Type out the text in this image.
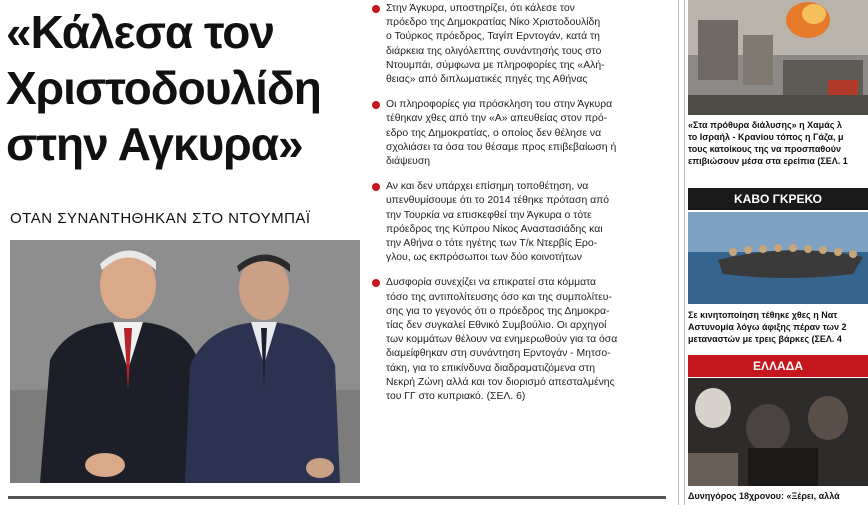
«Κάλεσα τον
Χριστοδουλίδη
στην Αγκυρα»
ΟΤΑΝ ΣΥΝΑΝΤΗΘΗΚΑΝ ΣΤΟ ΝΤΟΥΜΠΑΪ
Στην Άγκυρα, υποστηρίζει, ότι κάλεσε τον
πρόεδρο της Δημοκρατίας Νίκο Χριστοδουλίδη
ο Τούρκος πρόεδρος, Ταγίπ Ερντογάν, κατά τη
διάρκεια της ολιγόλεπτης συνάντησής τους στο
Ντουμπάι, σύμφωνα με πληροφορίες της «Αλή-
θειας» από διπλωματικές πηγές της Αθήνας
Οι πληροφορίες για πρόσκληση του στην Άγκυρα
τέθηκαν χθες από την «Α» απευθείας στον πρό-
εδρο της Δημοκρατίας, ο οποίος δεν θέλησε να
σχολιάσει τα όσα του θέσαμε προς επιβεβαίωση ή
διάψευση
Αν και δεν υπάρχει επίσημη τοποθέτηση, να
υπενθυμίσουμε ότι το 2014 τέθηκε πρόταση από
την Τουρκία να επισκεφθεί την Άγκυρα ο τότε
πρόεδρος της Κύπρου Νίκος Αναστασιάδης και
την Αθήνα ο τότε ηγέτης των Τ/κ Ντερβίς Ερο-
γλου, ως εκπρόσωποι των δύο κοινοτήτων
Δυσφορία συνεχίζει να επικρατεί στα κόμματα
τόσο της αντιπολίτευσης όσο και της συμπολίτευ-
σης για το γεγονός ότι ο πρόεδρος της Δημοκρα-
τίας δεν συγκαλεί Εθνικό Συμβούλιο. Οι αρχηγοί
των κομμάτων θέλουν να ενημερωθούν για τα όσα
διαμείφθηκαν στη συνάντηση Ερντογάν - Μητσο-
τάκη, για το επικίνδυνα διαδραματιζόμενα στη
Νεκρή Ζώνη αλλά και τον διορισμό απεσταλμένης
του ΓΓ στο κυπριακό. (ΣΕΛ. 6)
«Στα πρόθυρα διάλυσης» η Χαμάς λ
το Ισραήλ - Κρανίου τόπος η Γάζα, μ
τους κατοίκους της να προσπαθούν
επιβιώσουν μέσα στα ερείπια (ΣΕΛ. 1
ΚΑΒΟ ΓΚΡΕΚΟ
Σε κινητοποίηση τέθηκε χθες η Νατ
Αστυνομία λόγω άφιξης πέραν των 2
μεταναστών με τρεις βάρκες (ΣΕΛ. 4
ΕΛΛΑΔΑ
Δυνηγόρος 18χρονου: «Ξέρει, αλλά
